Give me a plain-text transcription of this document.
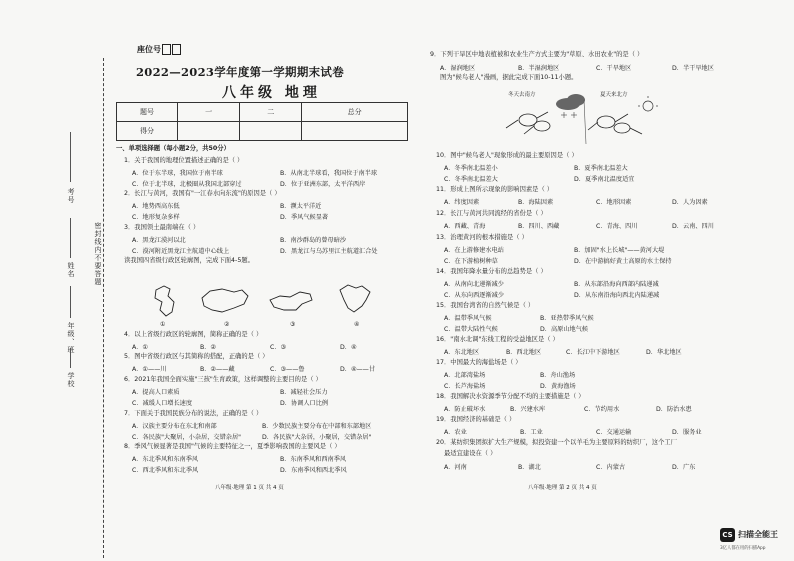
密封线内不要答题
考号
姓名
年级、班
学校
座位号
2022—2023学年度第一学期期末试卷
八年级 地理
题号	一	二	总分
得分			
一、单项选择题（每小题2分，共50分）
1．关于我国的地理位置描述正确的是（ ）
A．位于东半球，我国位于南半球	B．从南北半球看，我国位于南半球
C．位于北半球，北极圈从我国北部穿过	D．位于亚洲东部，太平洋西岸
2．长江与黄河，我国有"一江春水向东流"的原因是（ ）
A．地势西高东低	B．濒太平洋近
C．地形复杂多样	D．季风气候显著
3．我国领土最南端在（ ）
A．黑龙江漠河以北	B．南沙群岛的曾母暗沙
C．漠河附近黑龙江主航道中心线上	D．黑龙江与乌苏里江主航道汇合处
读我国四省级行政区轮廓图，完成下面4-5题。
①	②	③	④
4．以上省级行政区的轮廓图，简称正确的是（ ）
A．①	B．②	C．③	D．④
5．图中省级行政区与其简称的搭配，正确的是（ ）
A．①——川	B．②——藏	C．③——鲁	D．④——甘
6．2021年我国全面实施"三孩"生育政策，这样调整的主要目的是（ ）
A．提高人口素质	B．减轻社会压力
C．减缓人口增长速度	D．协调人口比例
7．下面关于我国民族分布的说法，正确的是（ ）
A．汉族主要分布在东北和南部	B．少数民族主要分布在中部和东部地区
C．各民族"大聚居，小杂居，交错杂居"	D．各民族"大杂居，小聚居，交错杂居"
8．季风气候显著是我国"气候的主要特征之一，夏季影响我国的主要风是（ ）
A．东北季风和东南季风	B．东南季风和西南季风
C．西北季风和东北季风	D．东南季风和西北季风
八年级·地理 第 1 页 共 4 页
9．下列干旱区中地表植被和农业生产方式主要为"草原、水田农业"的是（ ）
A．湿润地区	B．半湿润地区	C．干旱地区	D．半干旱地区
图为"候鸟老人"漫画，据此完成下面10-11小题。
冬天去南方	夏天来北方
10．图中"候鸟老人"现象形成的最主要原因是（ ）
A．冬季南北温差小	B．夏季南北温差大
C．冬季南北温差大	D．夏季南北温度适宜
11．形成上图所示现象的影响因素是（ ）
A．纬度因素	B．海陆因素	C．地形因素	D．人为因素
12．长江与黄河共同流经的省份是（ ）
A．西藏、青海	B．四川、西藏	C．青海、四川	D．云南、四川
13．治理黄河的根本措施是（ ）
A．在上游修建水电站	B．加固"水上长城"——黄河大堤
C．在下游植树种草	D．在中游搞好黄土高原的水土保持
14．我国年降水量分布的总趋势是（ ）
A．从南向北递渐减少	B．从东部沿海向西部内陆递减
C．从东向西逐渐减少	D．从东南沿海向西北内陆递减
15．我国台湾省的自然气候是（ ）
A．温带季风气候	B．亚热带季风气候
C．温带大陆性气候	D．高原山地气候
16．"南水北调"东线工程的受益地区是（ ）
A．东北地区	B．西北地区	C．长江中下游地区	D．华北地区
17．中国最大的海盐场是（ ）
A．北部湾盐场	B．舟山渔场
C．长芦海盐场	D．黄海渔场
18．我国解决水资源季节分配不均的主要措施是（ ）
A．防止破坏水	B．兴建水库	C．节约用水	D．防治水患
19．我国经济的基础是（ ）
A．农业	B．工业	C．交通运输	D．服务业
20．某纺织集团拟扩大生产规模，拟投资建一个以羊毛为主要原料的纺织厂，这个工厂
最适宜建设在（ ）
A．河南	B．湖北	C．内蒙古	D．广东
八年级·地理 第 2 页 共 4 页
CS 扫描全能王
3亿人都在用的扫描App
